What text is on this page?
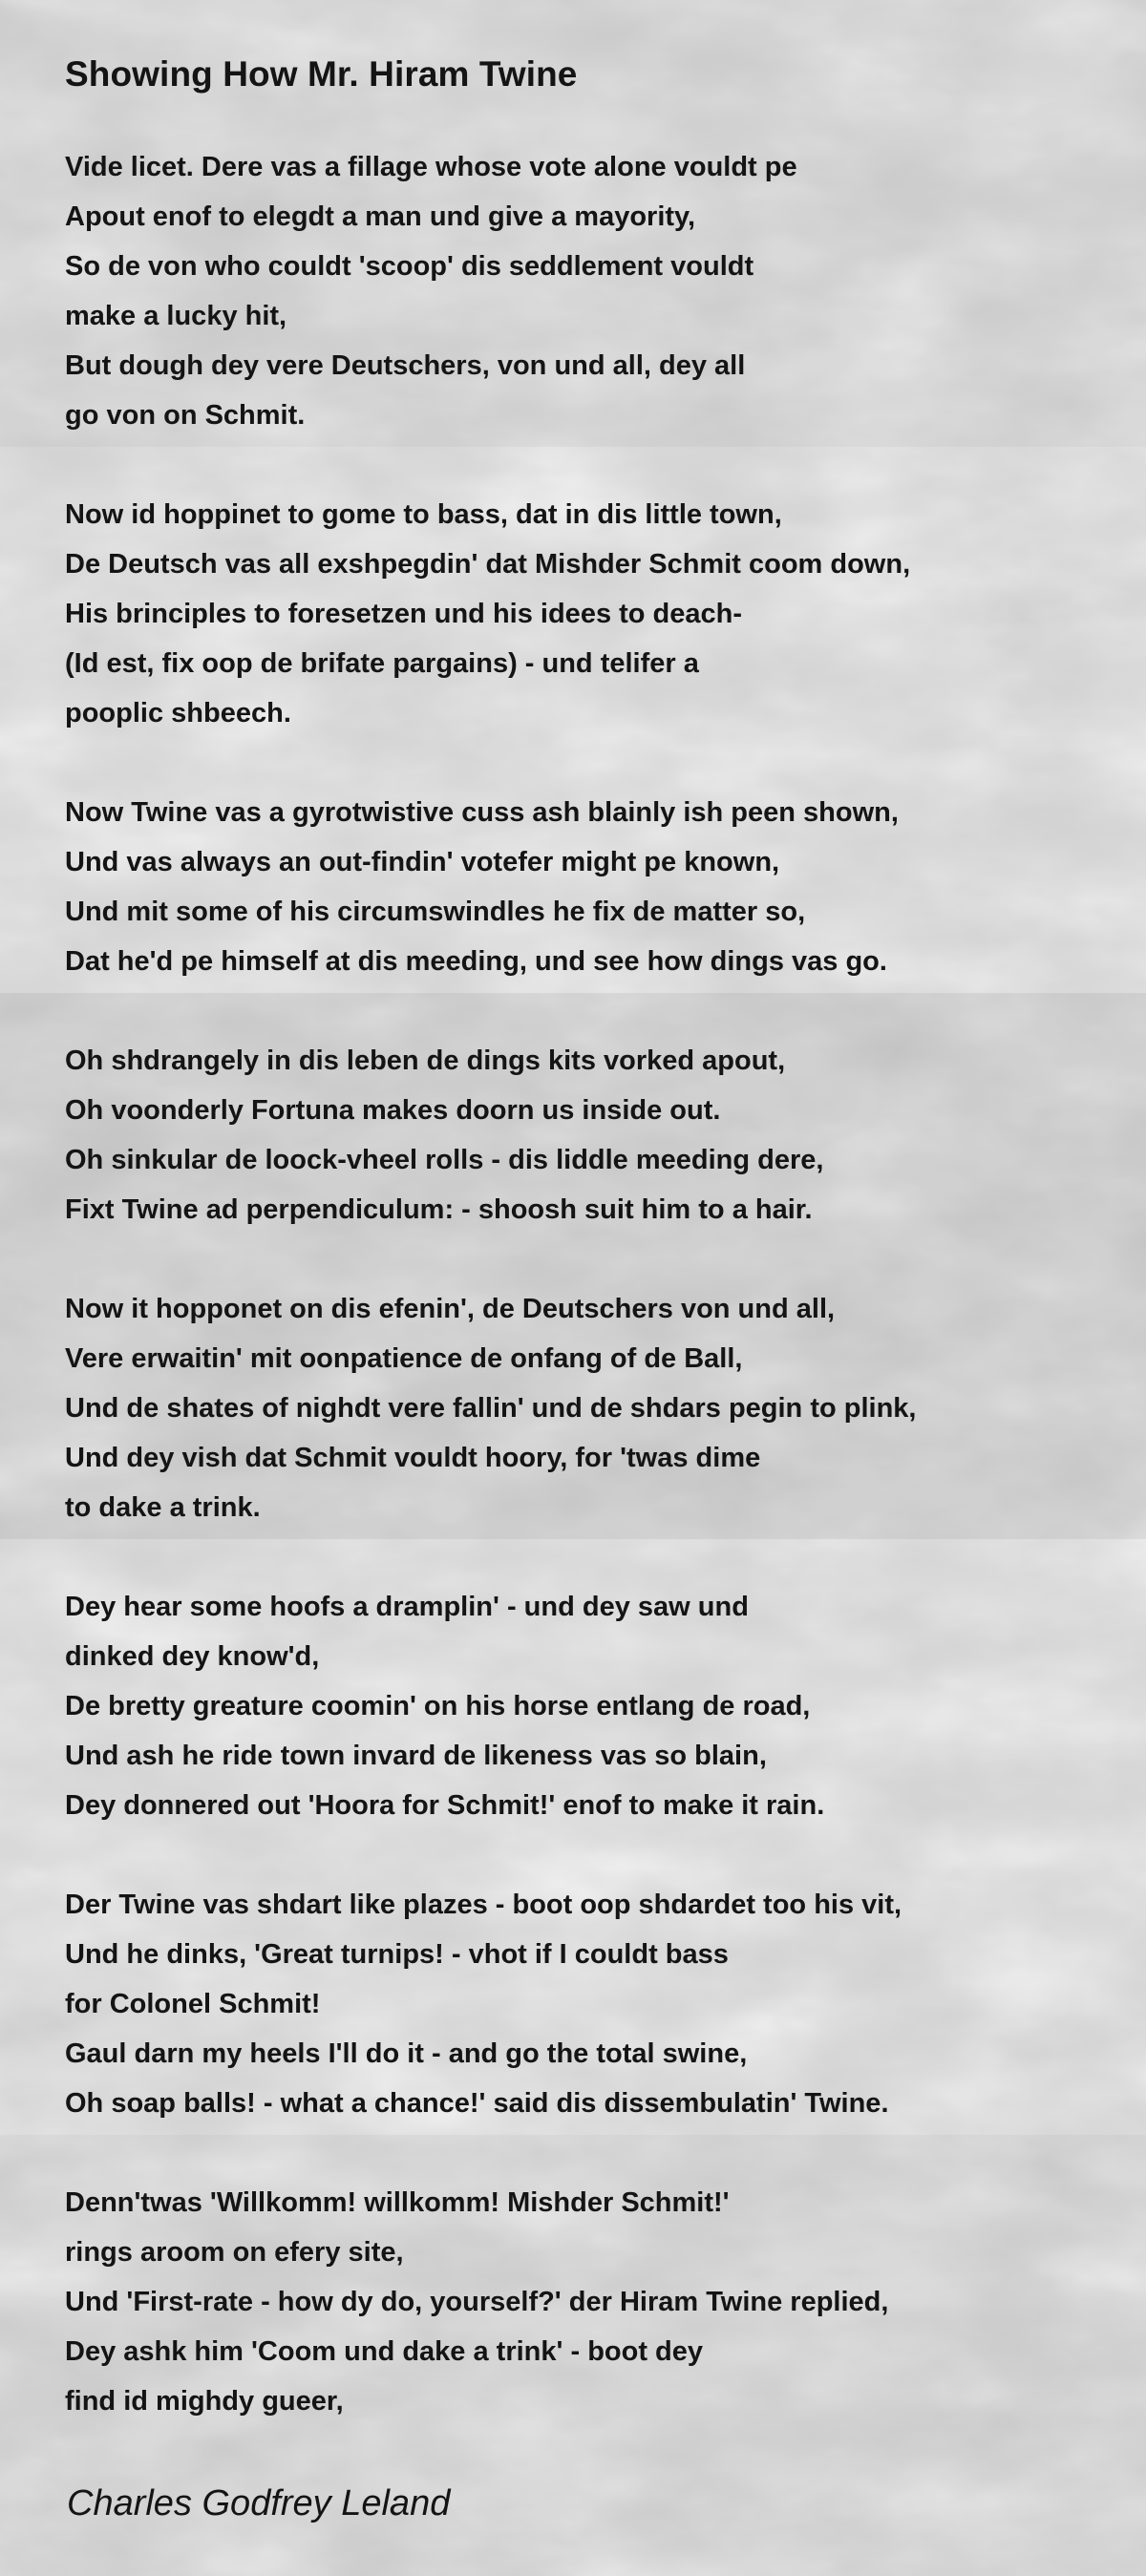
Showing How Mr. Hiram Twine
Vide licet. Dere vas a fillage whose vote alone vouldt pe
Apout enof to elegdt a man und give a mayority,
So de von who couldt 'scoop' dis seddlement vouldt
make a lucky hit,
But dough dey vere Deutschers, von und all, dey all
go von on Schmit.
Now id hoppinet to gome to bass, dat in dis little town,
De Deutsch vas all exshpegdin' dat Mishder Schmit coom down,
His brinciples to foresetzen und his idees to deach-
(Id est, fix oop de brifate pargains) - und telifer a
pooplic shbeech.
Now Twine vas a gyrotwistive cuss ash blainly ish peen shown,
Und vas always an out-findin' votefer might pe known,
Und mit some of his circumswindles he fix de matter so,
Dat he'd pe himself at dis meeding, und see how dings vas go.
Oh shdrangely in dis leben de dings kits vorked apout,
Oh voonderly Fortuna makes doorn us inside out.
Oh sinkular de loock-vheel rolls - dis liddle meeding dere,
Fixt Twine ad perpendiculum: - shoosh suit him to a hair.
Now it hopponet on dis efenin', de Deutschers von und all,
Vere erwaitin' mit oonpatience de onfang of de Ball,
Und de shates of nighdt vere fallin' und de shdars pegin to plink,
Und dey vish dat Schmit vouldt hoory, for 'twas dime
to dake a trink.
Dey hear some hoofs a dramplin' - und dey saw und
dinked dey know'd,
De bretty greature coomin' on his horse entlang de road,
Und ash he ride town invard de likeness vas so blain,
Dey donnered out 'Hoora for Schmit!' enof to make it rain.
Der Twine vas shdart like plazes - boot oop shdardet too his vit,
Und he dinks, 'Great turnips! - vhot if I couldt bass
for Colonel Schmit!
Gaul darn my heels I'll do it - and go the total swine,
Oh soap balls! - what a chance!' said dis dissembulatin' Twine.
Denn'twas 'Willkomm! willkomm! Mishder Schmit!'
rings aroom on efery site,
Und 'First-rate - how dy do, yourself?' der Hiram Twine replied,
Dey ashk him 'Coom und dake a trink' - boot dey
find id mighdy gueer,
Charles Godfrey Leland
